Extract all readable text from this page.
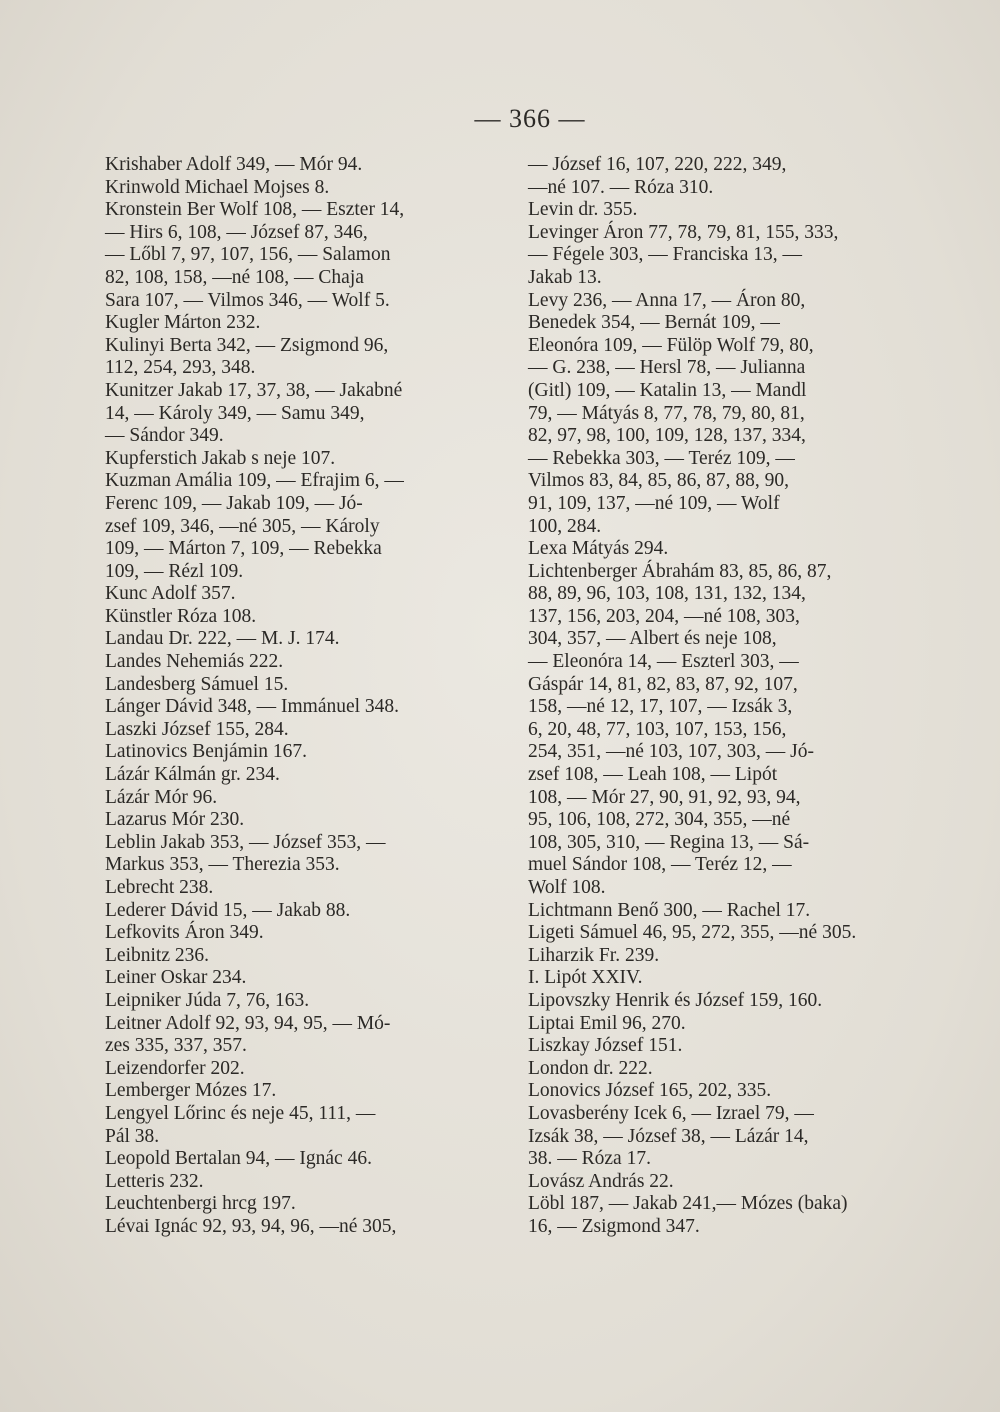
— 366 —
Krishaber Adolf 349, — Mór 94.
Krinwold Michael Mojses 8.
Kronstein Ber Wolf 108, — Eszter 14,
— Hirs 6, 108, — József 87, 346,
— Lőbl 7, 97, 107, 156, — Salamon
82, 108, 158, —né 108, — Chaja
Sara 107, — Vilmos 346, — Wolf 5.
Kugler Márton 232.
Kulinyi Berta 342, — Zsigmond 96,
112, 254, 293, 348.
Kunitzer Jakab 17, 37, 38, — Jakabné
14, — Károly 349, — Samu 349,
— Sándor 349.
Kupferstich Jakab s neje 107.
Kuzman Amália 109, — Efrajim 6, —
Ferenc 109, — Jakab 109, — Jó-
zsef 109, 346, —né 305, — Károly
109, — Márton 7, 109, — Rebekka
109, — Rézl 109.
Kunc Adolf 357.
Künstler Róza 108.
Landau Dr. 222, — M. J. 174.
Landes Nehemiás 222.
Landesberg Sámuel 15.
Lánger Dávid 348, — Immánuel 348.
Laszki József 155, 284.
Latinovics Benjámin 167.
Lázár Kálmán gr. 234.
Lázár Mór 96.
Lazarus Mór 230.
Leblin Jakab 353, — József 353, —
Markus 353, — Therezia 353.
Lebrecht 238.
Lederer Dávid 15, — Jakab 88.
Lefkovits Áron 349.
Leibnitz 236.
Leiner Oskar 234.
Leipniker Júda 7, 76, 163.
Leitner Adolf 92, 93, 94, 95, — Mó-
zes 335, 337, 357.
Leizendorfer 202.
Lemberger Mózes 17.
Lengyel Lőrinc és neje 45, 111, —
Pál 38.
Leopold Bertalan 94, — Ignác 46.
Letteris 232.
Leuchtenbergi hrcg 197.
Lévai Ignác 92, 93, 94, 96, —né 305,
— József 16, 107, 220, 222, 349,
—né 107. — Róza 310.
Levin dr. 355.
Levinger Áron 77, 78, 79, 81, 155, 333,
— Fégele 303, — Franciska 13, —
Jakab 13.
Levy 236, — Anna 17, — Áron 80,
Benedek 354, — Bernát 109, —
Eleonóra 109, — Fülöp Wolf 79, 80,
— G. 238, — Hersl 78, — Julianna
(Gitl) 109, — Katalin 13, — Mandl
79, — Mátyás 8, 77, 78, 79, 80, 81,
82, 97, 98, 100, 109, 128, 137, 334,
— Rebekka 303, — Teréz 109, —
Vilmos 83, 84, 85, 86, 87, 88, 90,
91, 109, 137, —né 109, — Wolf
100, 284.
Lexa Mátyás 294.
Lichtenberger Ábrahám 83, 85, 86, 87,
88, 89, 96, 103, 108, 131, 132, 134,
137, 156, 203, 204, —né 108, 303,
304, 357, — Albert és neje 108,
— Eleonóra 14, — Eszterl 303, —
Gáspár 14, 81, 82, 83, 87, 92, 107,
158, —né 12, 17, 107, — Izsák 3,
6, 20, 48, 77, 103, 107, 153, 156,
254, 351, —né 103, 107, 303, — Jó-
zsef 108, — Leah 108, — Lipót
108, — Mór 27, 90, 91, 92, 93, 94,
95, 106, 108, 272, 304, 355, —né
108, 305, 310, — Regina 13, — Sá-
muel Sándor 108, — Teréz 12, —
Wolf 108.
Lichtmann Benő 300, — Rachel 17.
Ligeti Sámuel 46, 95, 272, 355, —né 305.
Liharzik Fr. 239.
I. Lipót XXIV.
Lipovszky Henrik és József 159, 160.
Liptai Emil 96, 270.
Liszkay József 151.
London dr. 222.
Lonovics József 165, 202, 335.
Lovasberény Icek 6, — Izrael 79, —
Izsák 38, — József 38, — Lázár 14,
38. — Róza 17.
Lovász András 22.
Löbl 187, — Jakab 241,— Mózes (baka)
16, — Zsigmond 347.
